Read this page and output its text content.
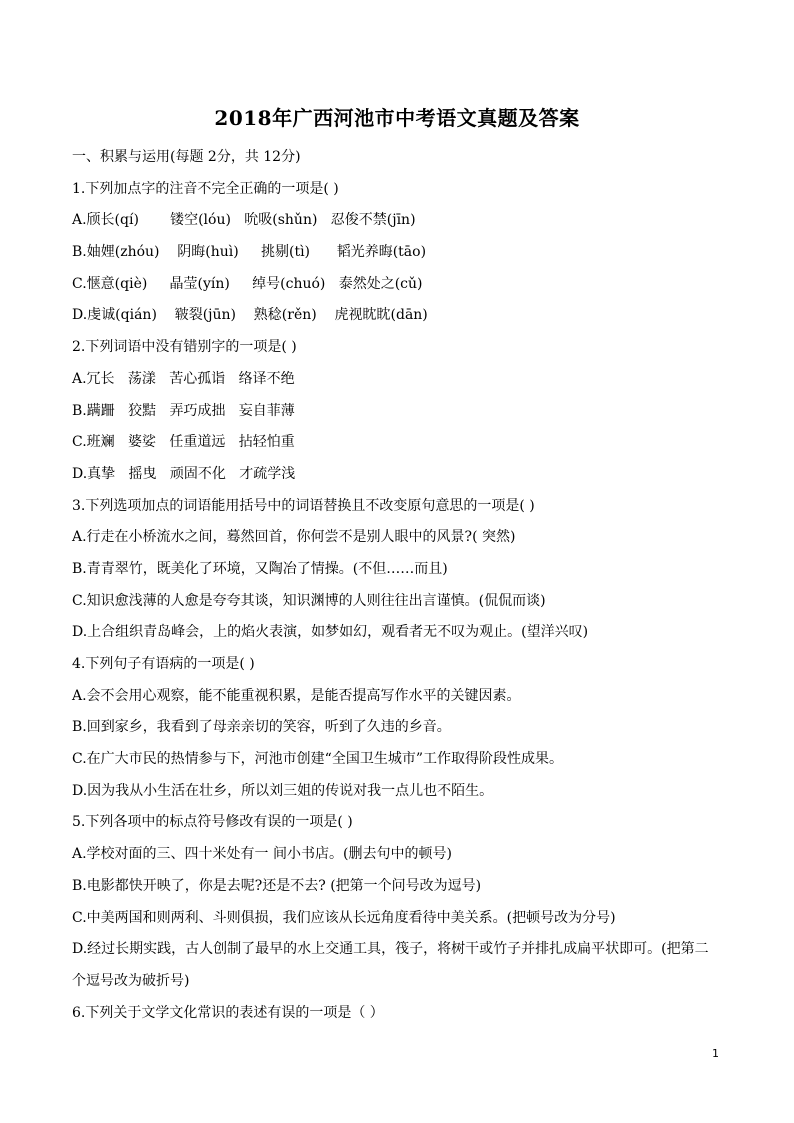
2018年广西河池市中考语文真题及答案
一、积累与运用(每题 2分，共 12分)
1.下列加点字的注音不完全正确的一项是( )
A.颀长(qí)       镂空(lóu)   吮吸(shǔn)   忍俊不禁(jīn)
B.妯娌(zhóu)    阴晦(huì)     挑剔(tì)      韬光养晦(tāo)
C.惬意(qiè)     晶莹(yín)     绰号(chuó)   泰然处之(cǔ)
D.虔诚(qián)    皲裂(jūn)    熟稔(rěn)    虎视眈眈(dān)
2.下列词语中没有错别字的一项是( )
A.冗长   荡漾   苦心孤诣   络译不绝
B.蹒跚   狡黠   弄巧成拙   妄自菲薄
C.班斓   婆娑   任重道远   拈轻怕重
D.真挚   摇曳   顽固不化   才疏学浅
3.下列选项加点的词语能用括号中的词语替换且不改变原句意思的一项是( )
A.行走在小桥流水之间，蓦然回首，你何尝不是别人眼中的风景?( 突然)
B.青青翠竹，既美化了环境，又陶冶了情操。(不但……而且)
C.知识愈浅薄的人愈是夸夸其谈，知识渊博的人则往往出言谨慎。(侃侃而谈)
D.上合组织青岛峰会，上的焰火表演，如梦如幻，观看者无不叹为观止。(望洋兴叹)
4.下列句子有语病的一项是( )
A.会不会用心观察，能不能重视积累，是能否提高写作水平的关键因素。
B.回到家乡，我看到了母亲亲切的笑容，听到了久违的乡音。
C.在广大市民的热情参与下，河池市创建“全国卫生城市”工作取得阶段性成果。
D.因为我从小生活在壮乡，所以刘三姐的传说对我一点儿也不陌生。
5.下列各项中的标点符号修改有误的一项是( )
A.学校对面的三、四十米处有一 间小书店。(删去句中的顿号)
B.电影都快开映了，你是去呢?还是不去? (把第一个问号改为逗号)
C.中美两国和则两利、斗则俱损，我们应该从长远角度看待中美关系。(把顿号改为分号)
D.经过长期实践，古人创制了最早的水上交通工具，筏子，将树干或竹子并排扎成扁平状即可。(把第二个逗号改为破折号)
6.下列关于文学文化常识的表述有误的一项是（ ）
1
